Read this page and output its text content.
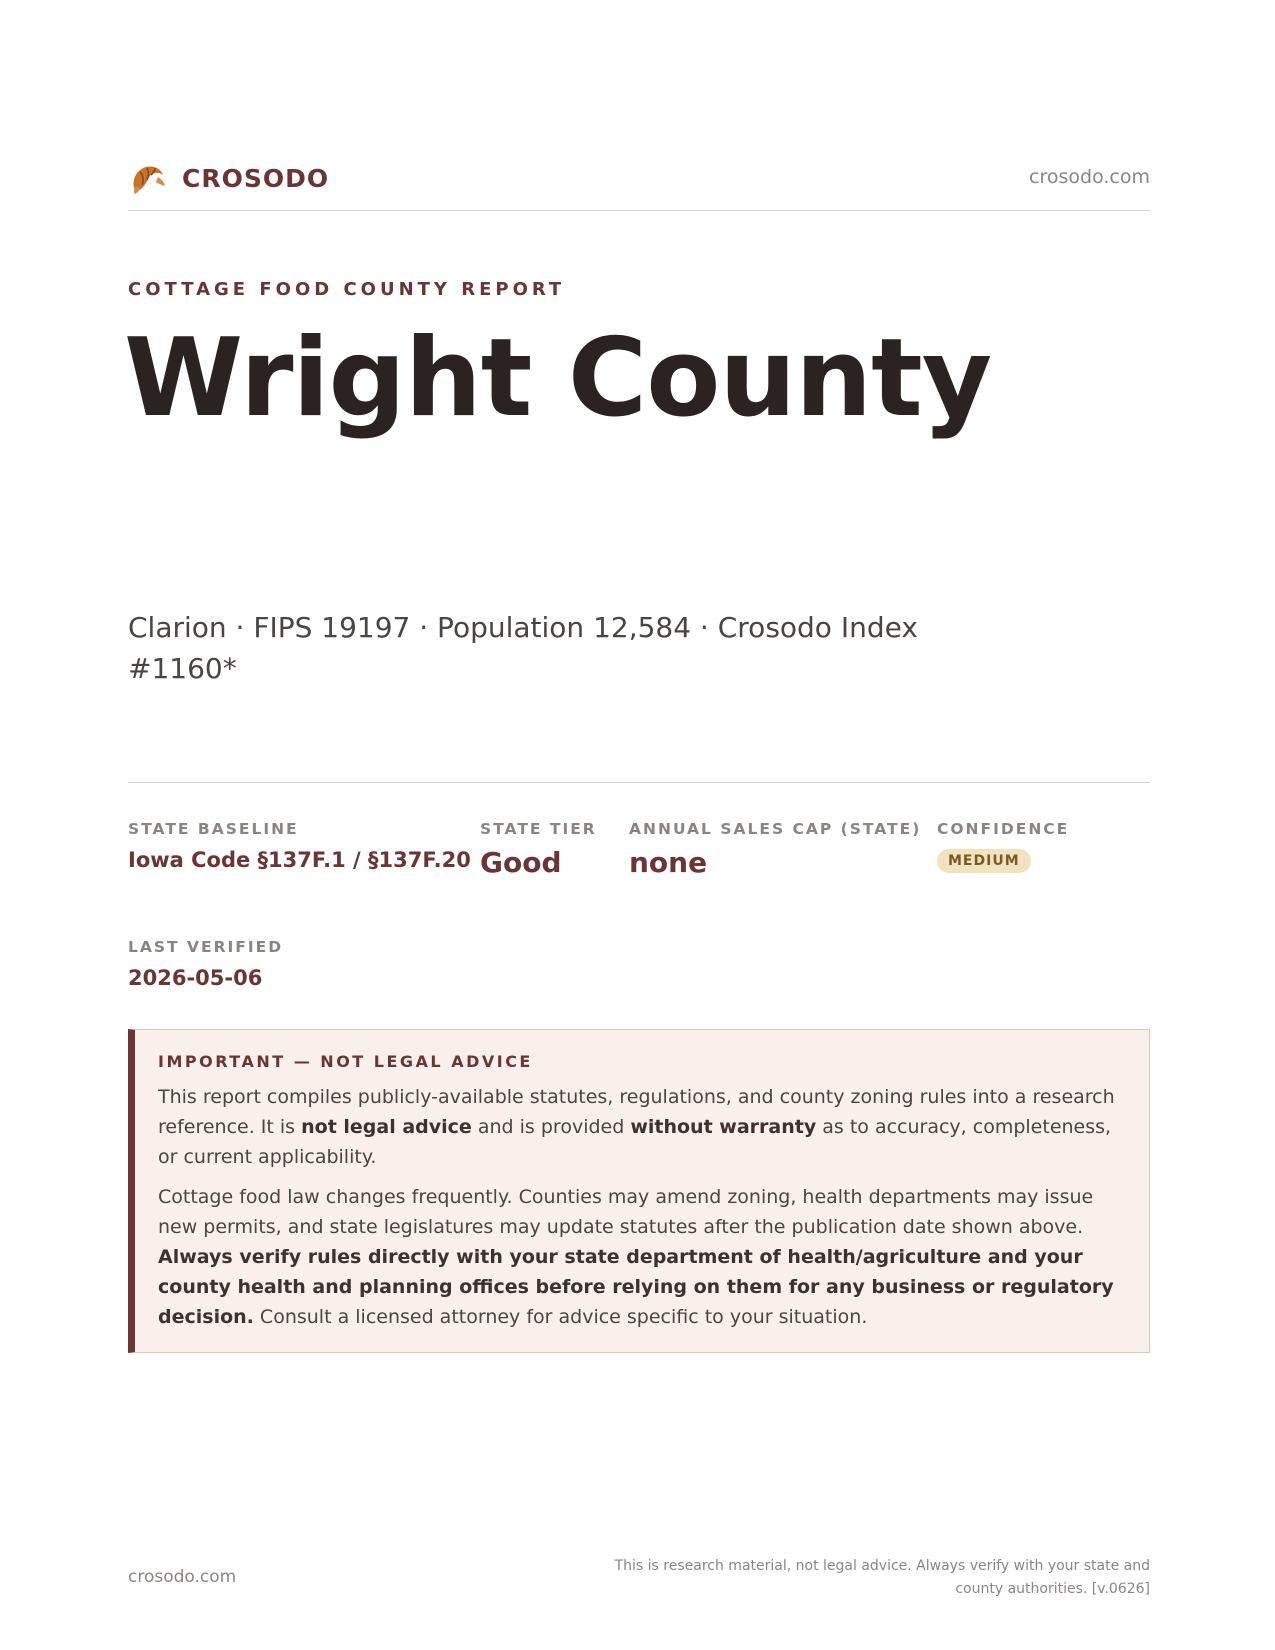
CROSODO	crosodo.com
COTTAGE FOOD COUNTY REPORT
Wright County
Clarion · FIPS 19197 · Population 12,584 · Crosodo Index #1160*
STATE BASELINE
Iowa Code §137F.1 / §137F.20
STATE TIER
Good
ANNUAL SALES CAP (STATE)
none
CONFIDENCE
MEDIUM
LAST VERIFIED
2026-05-06
IMPORTANT — NOT LEGAL ADVICE

This report compiles publicly-available statutes, regulations, and county zoning rules into a research reference. It is not legal advice and is provided without warranty as to accuracy, completeness, or current applicability.

Cottage food law changes frequently. Counties may amend zoning, health departments may issue new permits, and state legislatures may update statutes after the publication date shown above. Always verify rules directly with your state department of health/agriculture and your county health and planning offices before relying on them for any business or regulatory decision. Consult a licensed attorney for advice specific to your situation.

crosodo.com
This is research material, not legal advice. Always verify with your state and county authorities. [v.0626]
